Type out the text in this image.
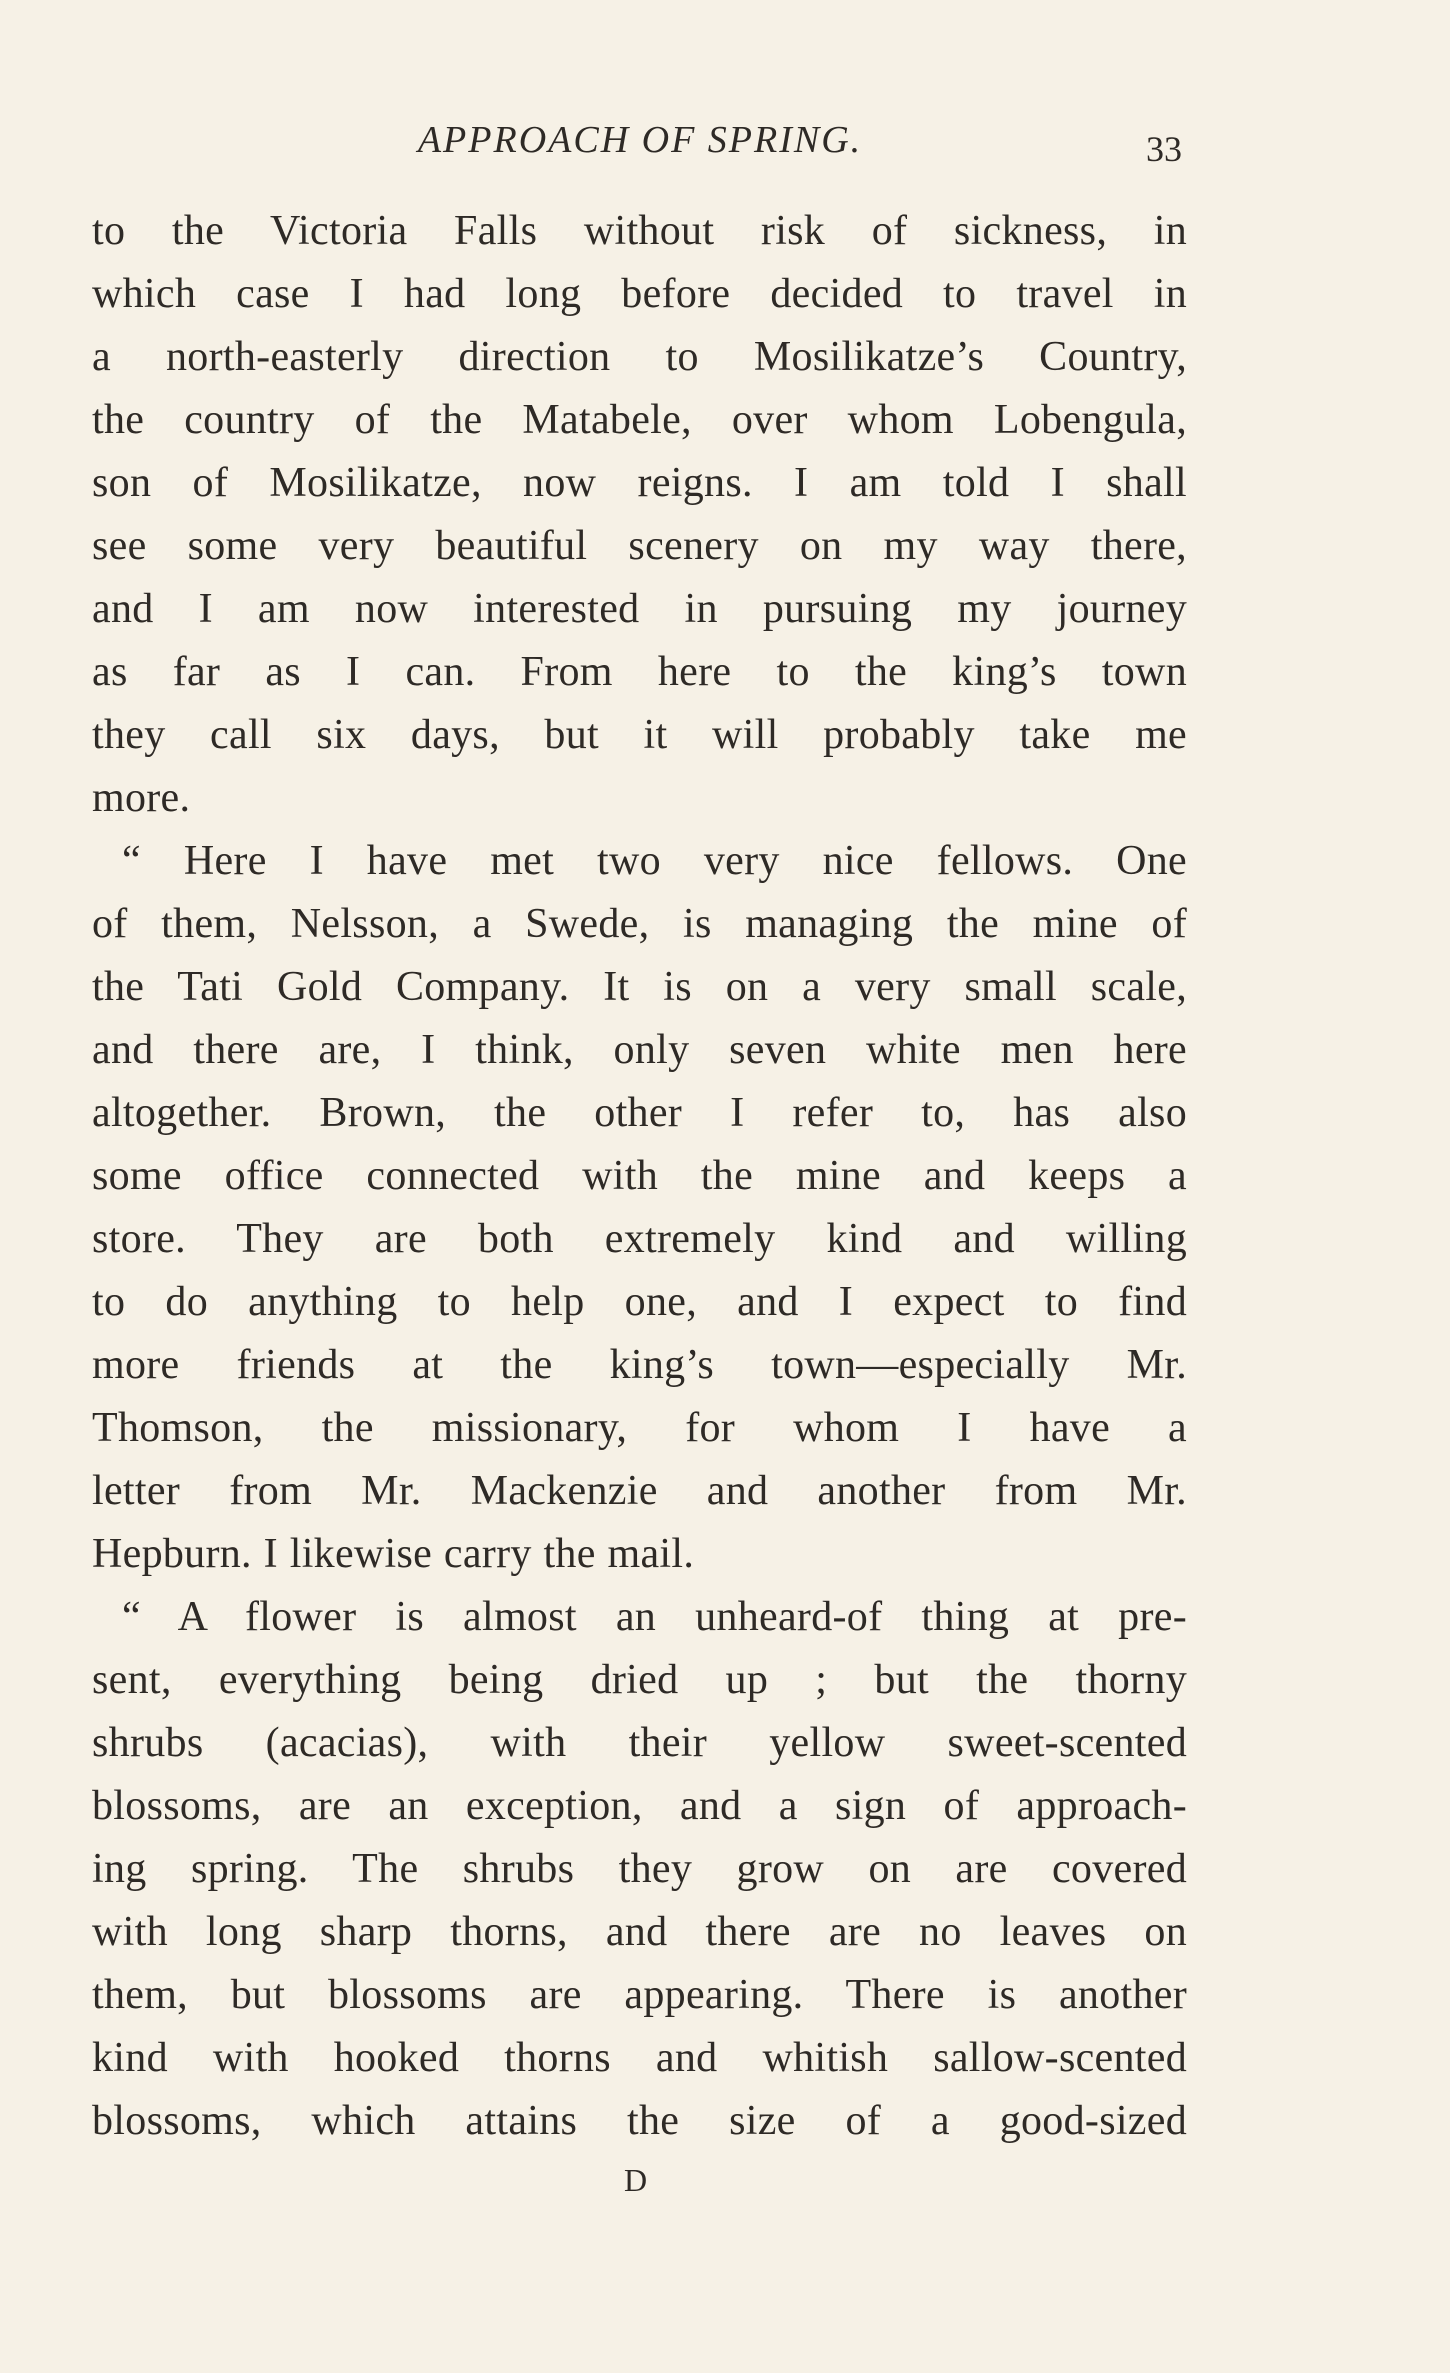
APPROACH OF SPRING.	33
to the Victoria Falls without risk of sickness, in
which case I had long before decided to travel in
a north-easterly direction to Mosilikatze’s Country,
the country of the Matabele, over whom Lobengula,
son of Mosilikatze, now reigns. I am told I shall
see some very beautiful scenery on my way there,
and I am now interested in pursuing my journey
as far as I can. From here to the king’s town
they call six days, but it will probably take me
more.
“ Here I have met two very nice fellows. One
of them, Nelsson, a Swede, is managing the mine of
the Tati Gold Company. It is on a very small scale,
and there are, I think, only seven white men here
altogether. Brown, the other I refer to, has also
some office connected with the mine and keeps a
store. They are both extremely kind and willing
to do anything to help one, and I expect to find
more friends at the king’s town—especially Mr.
Thomson, the missionary, for whom I have a
letter from Mr. Mackenzie and another from Mr.
Hepburn. I likewise carry the mail.
“ A flower is almost an unheard-of thing at pre-
sent, everything being dried up ; but the thorny
shrubs (acacias), with their yellow sweet-scented
blossoms, are an exception, and a sign of approach-
ing spring. The shrubs they grow on are covered
with long sharp thorns, and there are no leaves on
them, but blossoms are appearing. There is another
kind with hooked thorns and whitish sallow-scented
blossoms, which attains the size of a good-sized
D
